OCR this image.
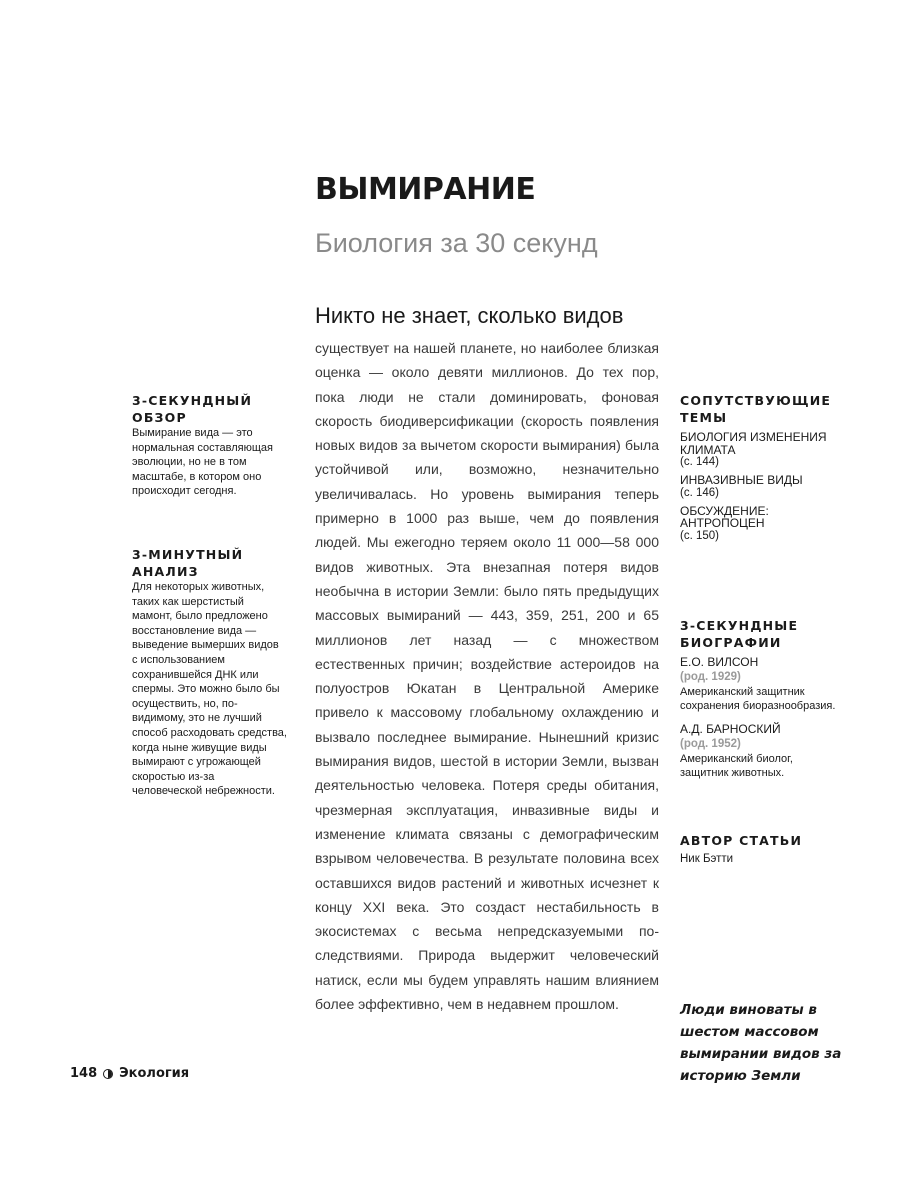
ВЫМИРАНИЕ
Биология за 30 секунд
Никто не знает, сколько видов
существует на нашей планете, но наиболее близкая оценка — около девяти миллионов. До тех пор, пока люди не стали доминировать, фоновая скорость биодиверсификации (скорость появления новых видов за вычетом скорости вымирания) была устойчивой или, возможно, незначительно увеличивалась. Но уровень вымирания теперь примерно в 1000 раз выше, чем до появления людей. Мы ежегодно теряем около 11 000—58 000 видов животных. Эта внезапная потеря видов необычна в истории Земли: было пять предыдущих массовых вымираний — 443, 359, 251, 200 и 65 миллионов лет назад — с множеством естественных причин; воздействие астероидов на полуостров Юкатан в Центральной Америке привело к массовому глобальному охлаждению и вызвало последнее вымирание. Нынешний кризис вымирания видов, шестой в истории Земли, вызван деятельностью человека. Потеря среды обитания, чрезмерная эксплуатация, инвазивные виды и изменение климата связаны с демографическим взрывом человечества. В результате половина всех оставшихся видов растений и животных исчезнет к концу XXI века. Это создаст нестабильность в экосистемах с весьма непредсказуемыми последствиями. Природа выдержит человеческий натиск, если мы будем управлять нашим влиянием более эффективно, чем в недавнем прошлом.
3-СЕКУНДНЫЙ ОБЗОР
Вымирание вида — это нормальная составляющая эволюции, но не в том масштабе, в котором оно происходит сегодня.
3-МИНУТНЫЙ АНАЛИЗ
Для некоторых животных, таких как шерстистый мамонт, было предложено восстановление вида — выведение вымерших видов с использованием сохранившейся ДНК или спермы. Это можно было бы осуществить, но, по-видимому, это не лучший способ расходовать средства, когда ныне живущие виды вымирают с угрожающей скоростью из-за человеческой небрежности.
СОПУТСТВУЮЩИЕ ТЕМЫ
БИОЛОГИЯ ИЗМЕНЕНИЯ КЛИМАТА
(с. 144)
ИНВАЗИВНЫЕ ВИДЫ
(с. 146)
ОБСУЖДЕНИЕ: АНТРОПОЦЕН
(с. 150)
3-СЕКУНДНЫЕ БИОГРАФИИ
Е.О. ВИЛСОН
(род. 1929)
Американский защитник сохранения биоразнообразия.
А.Д. БАРНОСКИЙ
(род. 1952)
Американский биолог, защитник животных.
АВТОР СТАТЬИ
Ник Бэтти
Люди виноваты в шестом массовом вымирании видов за историю Земли
148 Экология
